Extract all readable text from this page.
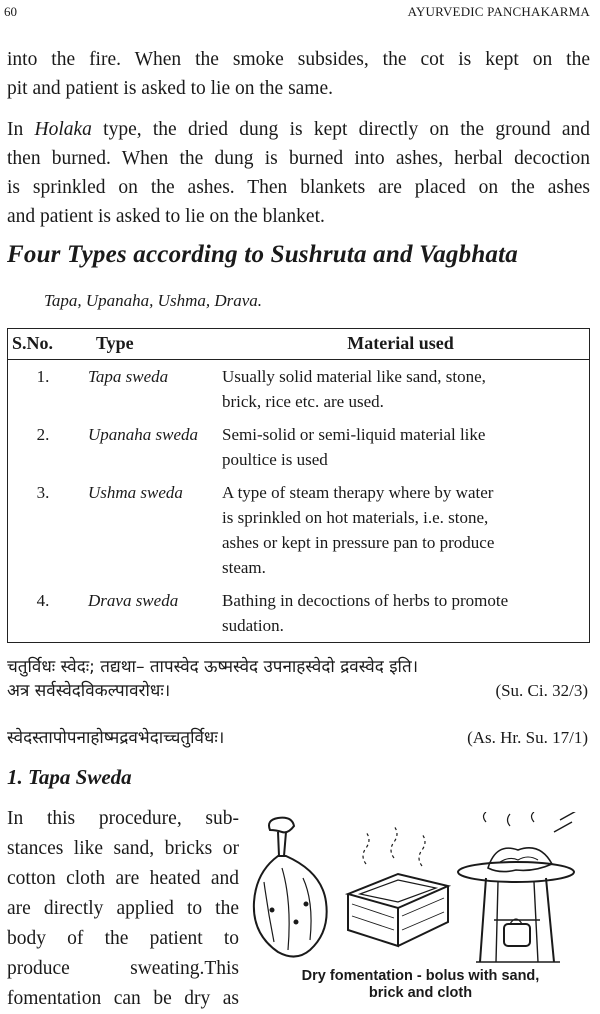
60	AYURVEDIC PANCHAKARMA
into the fire. When the smoke subsides, the cot is kept on the
pit and patient is asked to lie on the same.
In Holaka type, the dried dung is kept directly on the ground and
then burned. When the dung is burned into ashes, herbal decoction
is sprinkled on the ashes. Then blankets are placed on the ashes
and patient is asked to lie on the blanket.
Four Types according to Sushruta and Vagbhata
Tapa, Upanaha, Ushma, Drava.
S.No.	Type	Material used
1.	Tapa sweda	Usually solid material like sand, stone,
brick, rice etc. are used.

2.	Upanaha sweda	Semi-solid or semi-liquid material like
poultice is used

3.	Ushma sweda	A type of steam therapy where by water
is sprinkled on hot materials, i.e. stone,
ashes or kept in pressure pan to produce
steam.

4.	Drava sweda	Bathing in decoctions of herbs to promote
sudation.
चतुर्विधः स्वेदः; तद्यथा– तापस्वेद ऊष्मस्वेद उपनाहस्वेदो द्रवस्वेद इति।
अत्र सर्वस्वेदविकल्पावरोधः।	(Su. Ci. 32/3)
स्वेदस्तापोपनाहोष्मद्रवभेदाच्चतुर्विधः।	(As. Hr. Su. 17/1)
1. Tapa Sweda
In this procedure, sub-
stances like sand, bricks or
cotton cloth are heated and
are directly applied to the
body of the patient to
produce sweating.This
fomentation can be dry as
Dry fomentation - bolus with sand,
brick and cloth
